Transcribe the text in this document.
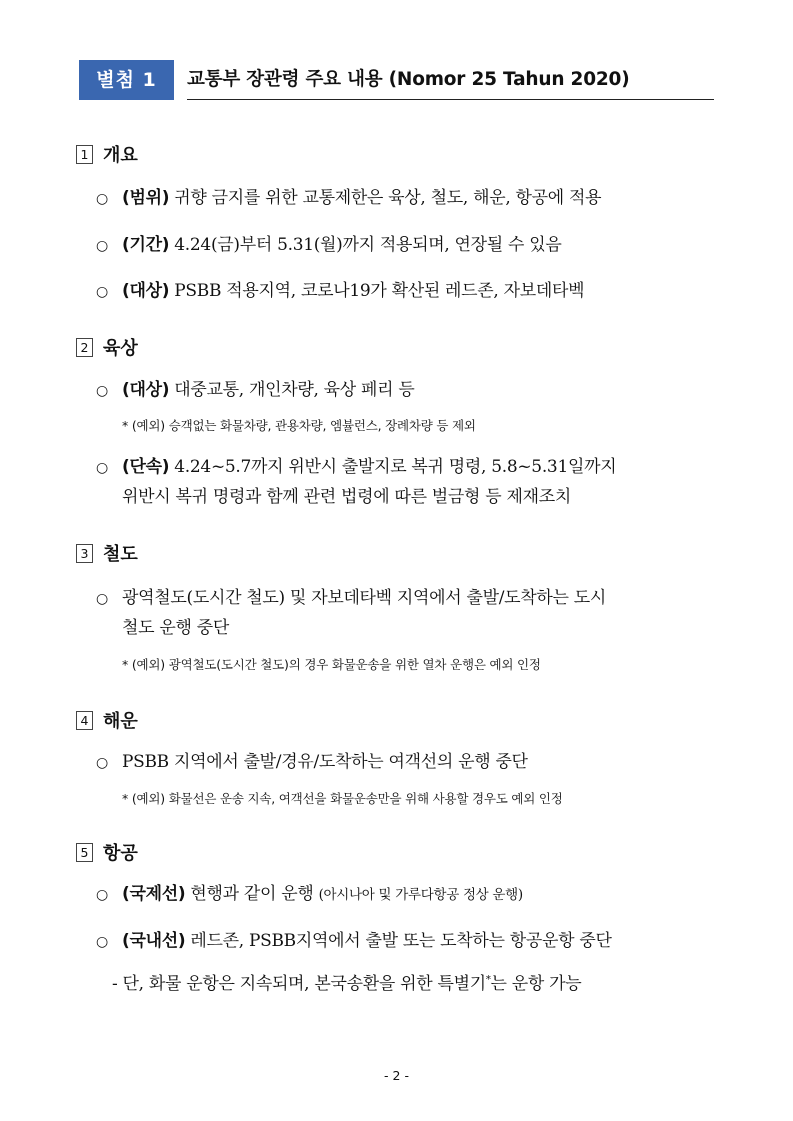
별첨 1	교통부 장관령 주요 내용 (Nomor 25 Tahun 2020)
1 개요
○ (범위) 귀향 금지를 위한 교통제한은 육상, 철도, 해운, 항공에 적용
○ (기간) 4.24(금)부터 5.31(월)까지 적용되며, 연장될 수 있음
○ (대상) PSBB 적용지역, 코로나19가 확산된 레드존, 자보데타벡
2 육상
○ (대상) 대중교통, 개인차량, 육상 페리 등
* (예외) 승객없는 화물차량, 관용차량, 엠뷸런스, 장례차량 등 제외
○ (단속) 4.24~5.7까지 위반시 출발지로 복귀 명령, 5.8~5.31일까지
위반시 복귀 명령과 함께 관련 법령에 따른 벌금형 등 제재조치
3 철도
○ 광역철도(도시간 철도) 및 자보데타벡 지역에서 출발/도착하는 도시
철도 운행 중단
* (예외) 광역철도(도시간 철도)의 경우 화물운송을 위한 열차 운행은 예외 인정
4 해운
○ PSBB 지역에서 출발/경유/도착하는 여객선의 운행 중단
* (예외) 화물선은 운송 지속, 여객선을 화물운송만을 위해 사용할 경우도 예외 인정
5 항공
○ (국제선) 현행과 같이 운행 (아시나아 및 가루다항공 정상 운행)
○ (국내선) 레드존, PSBB지역에서 출발 또는 도착하는 항공운항 중단
- 단, 화물 운항은 지속되며, 본국송환을 위한 특별기*는 운항 가능
- 2 -
